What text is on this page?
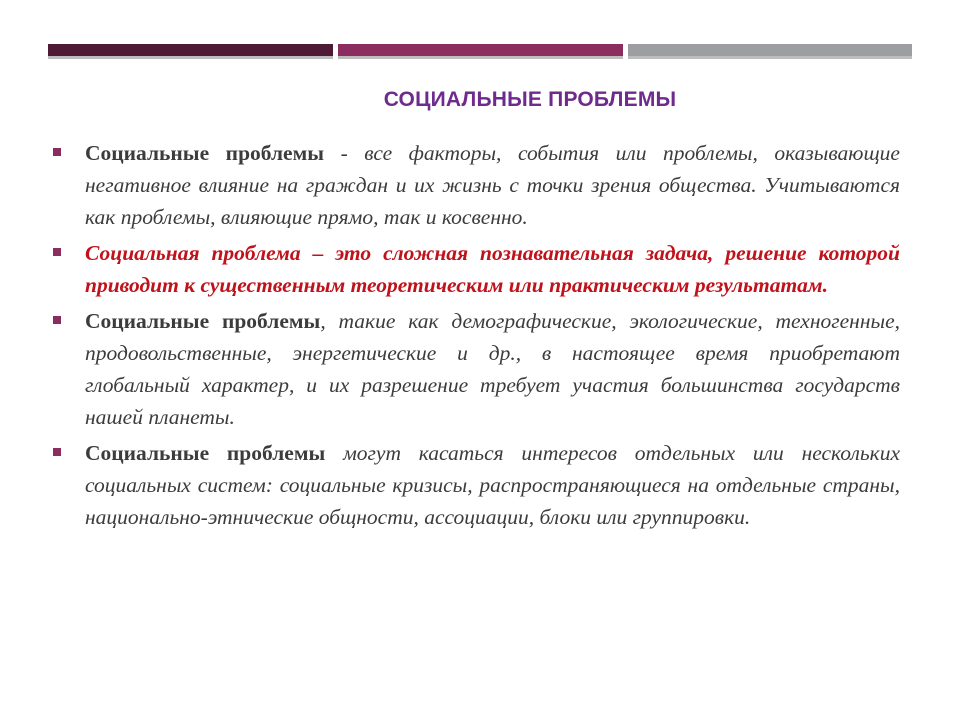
СОЦИАЛЬНЫЕ ПРОБЛЕМЫ
Социальные проблемы - все факторы, события или проблемы, оказывающие негативное влияние на граждан и их жизнь с точки зрения общества. Учитываются как проблемы, влияющие прямо, так и косвенно.
Социальная проблема – это сложная познавательная задача, решение которой приводит к существенным теоретическим или практическим результатам.
Социальные проблемы, такие как демографические, экологические, техногенные, продовольственные, энергетические и др., в настоящее время приобретают глобальный характер, и их разрешение требует участия большинства государств нашей планеты.
Социальные проблемы могут касаться интересов отдельных или нескольких социальных систем: социальные кризисы, распространяющиеся на отдельные страны, национально-этнические общности, ассоциации, блоки или группировки.
